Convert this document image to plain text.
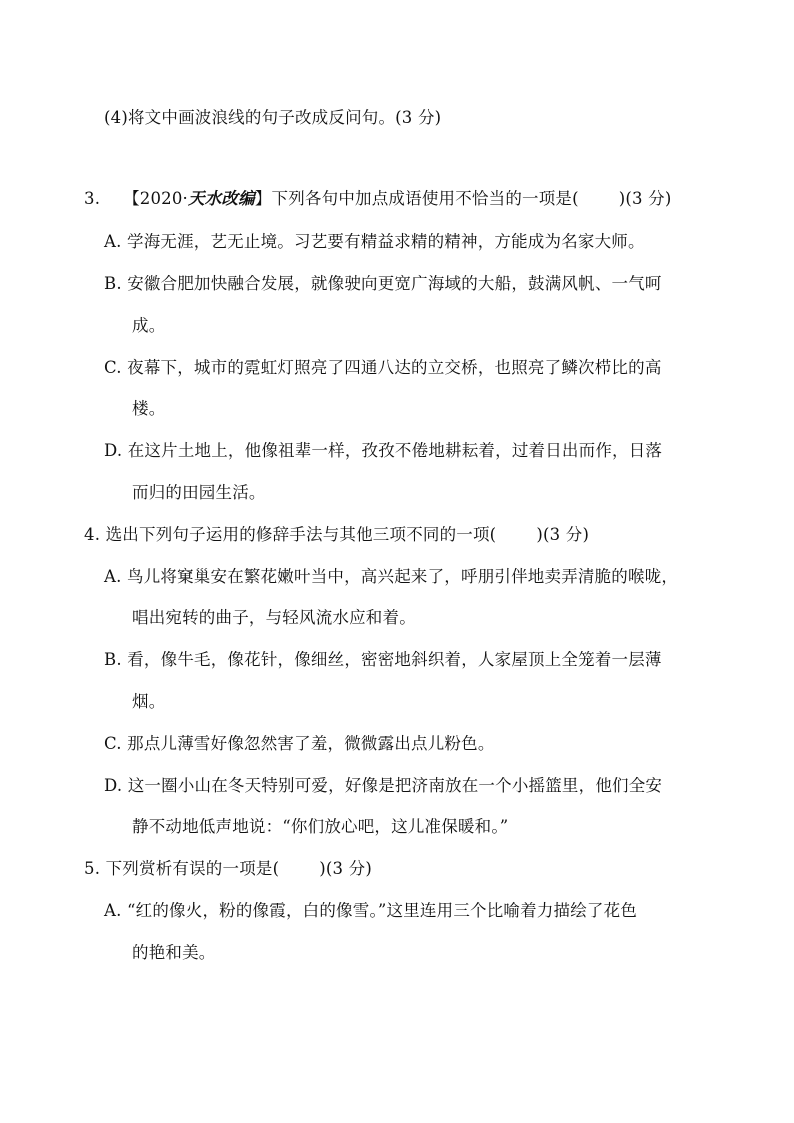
(4)将文中画波浪线的句子改成反问句。(3 分)
3. 【2020·天水改编】下列各句中加点成语使用不恰当的一项是( )(3 分)
A. 学海无涯，艺无止境。习艺要有精益求精的精神，方能成为名家大师。
B. 安徽合肥加快融合发展，就像驶向更宽广海域的大船，鼓满风帆、一气呵
成。
C. 夜幕下，城市的霓虹灯照亮了四通八达的立交桥，也照亮了鳞次栉比的高
楼。
D. 在这片土地上，他像祖辈一样，孜孜不倦地耕耘着，过着日出而作，日落
而归的田园生活。
4. 选出下列句子运用的修辞手法与其他三项不同的一项( )(3 分)
A. 鸟儿将窠巢安在繁花嫩叶当中，高兴起来了，呼朋引伴地卖弄清脆的喉咙，
唱出宛转的曲子，与轻风流水应和着。
B. 看，像牛毛，像花针，像细丝，密密地斜织着，人家屋顶上全笼着一层薄
烟。
C. 那点儿薄雪好像忽然害了羞，微微露出点儿粉色。
D. 这一圈小山在冬天特别可爱，好像是把济南放在一个小摇篮里，他们全安
静不动地低声地说：“你们放心吧，这儿准保暖和。”
5. 下列赏析有误的一项是( )(3 分)
A. “红的像火，粉的像霞，白的像雪。”这里连用三个比喻着力描绘了花色
的艳和美。
